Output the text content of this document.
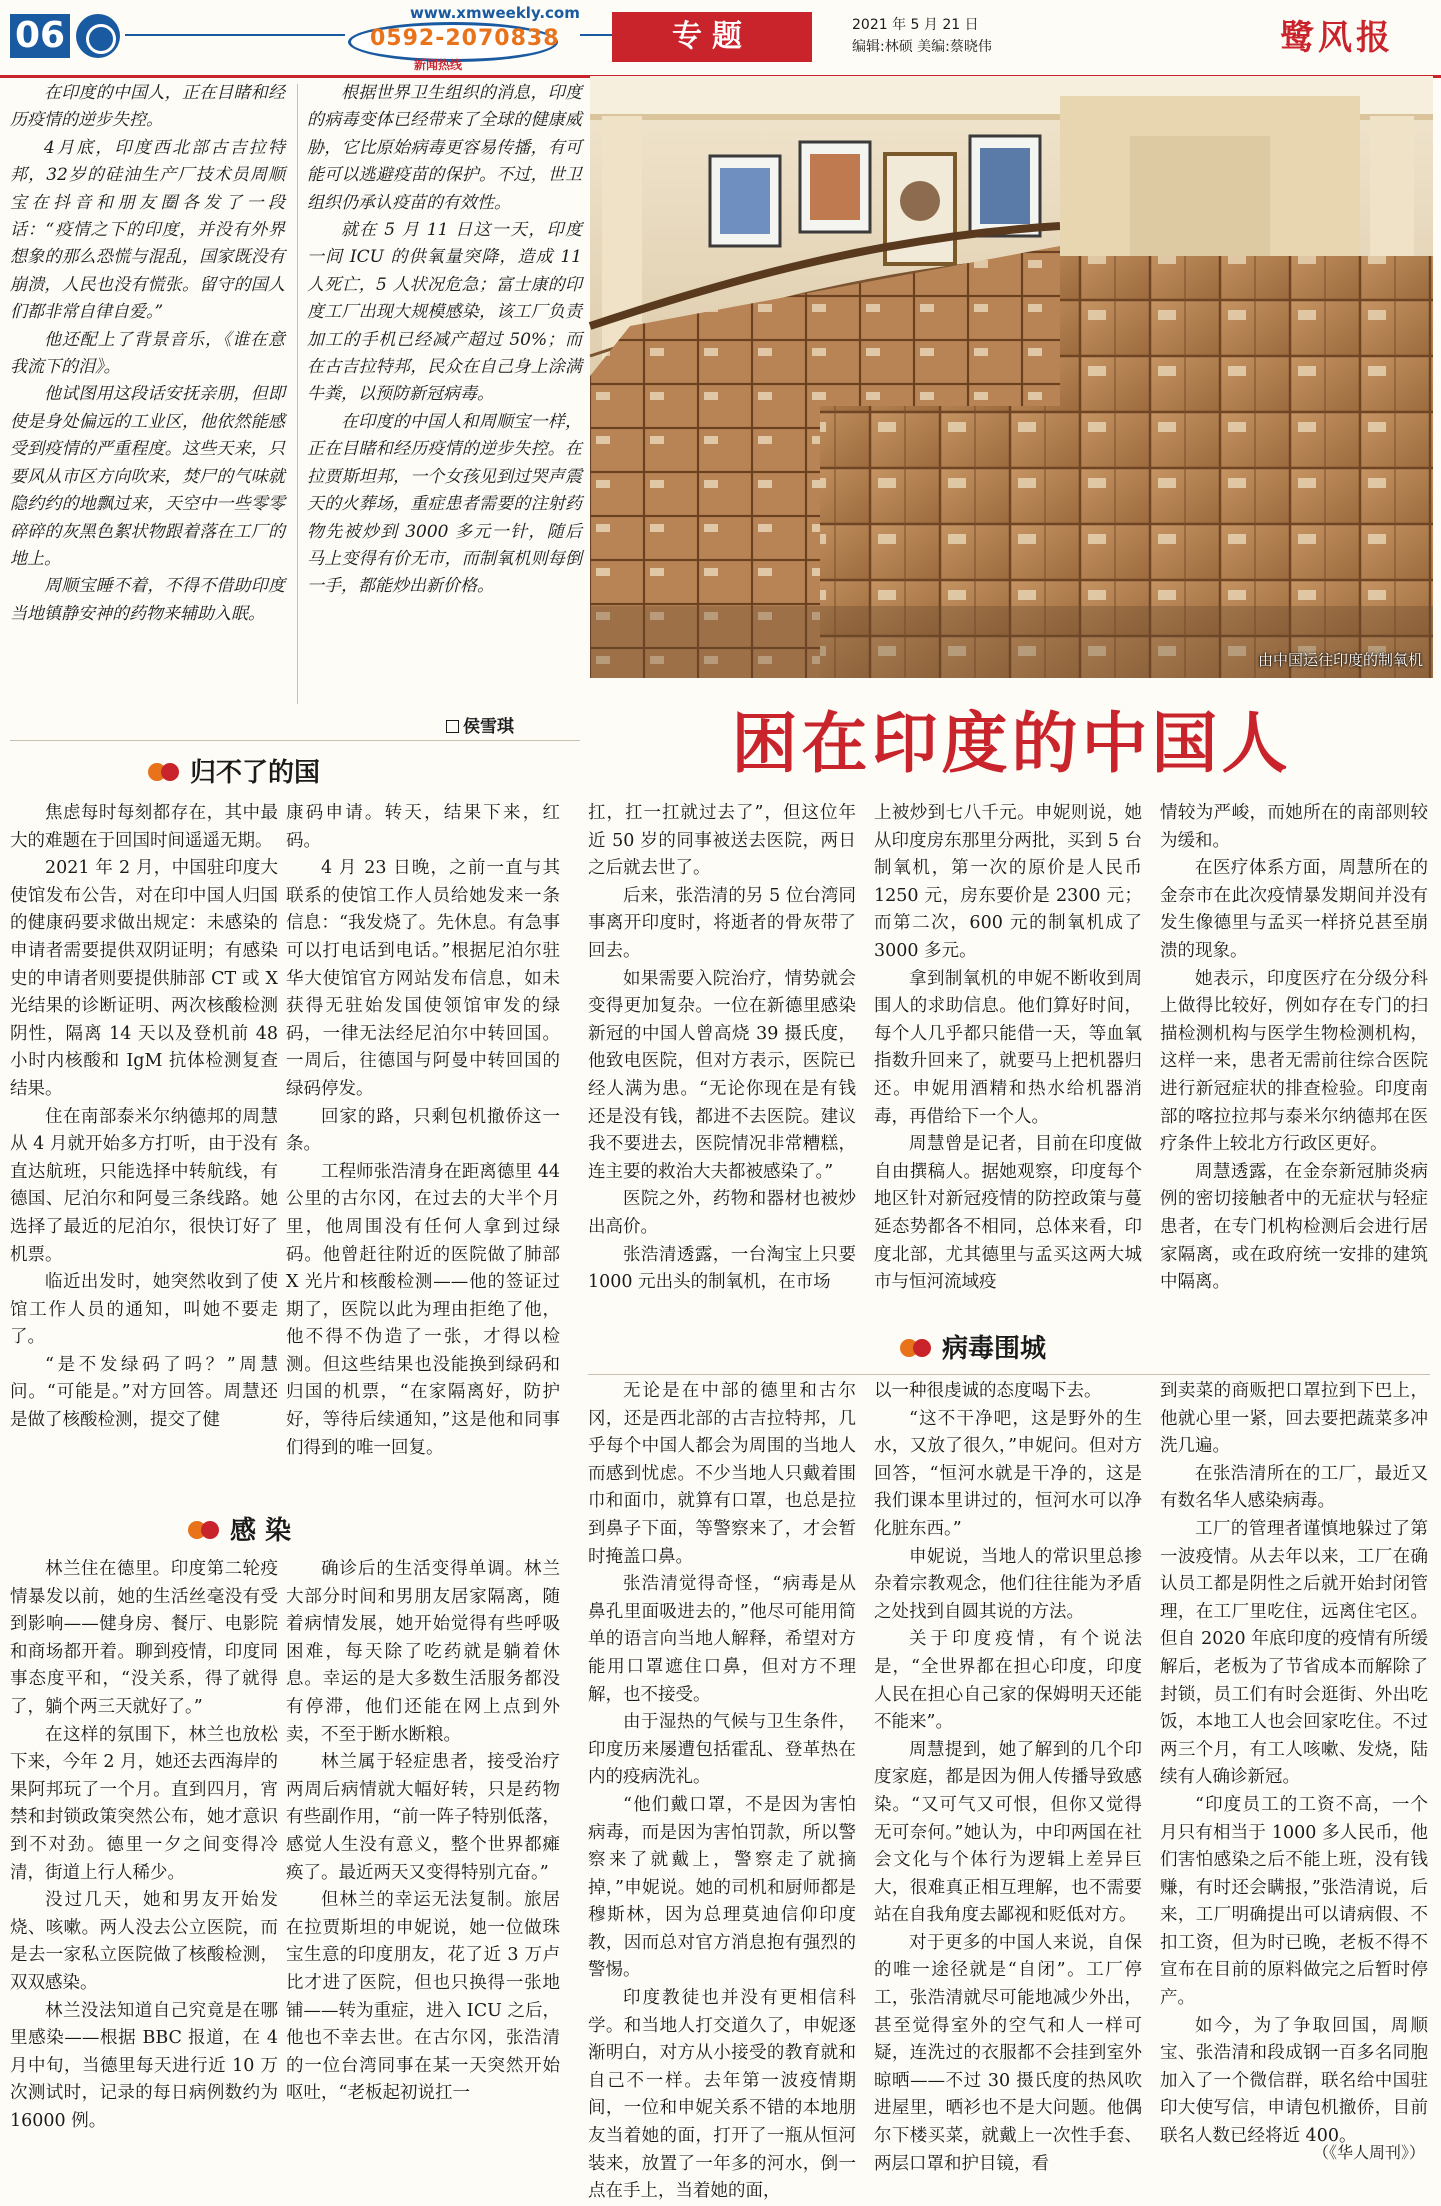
06
www.xmweekly.com
0592-2070838
新闻热线
专题	2021 年 5 月 21 日
编辑:林硕 美编:蔡晓伟	鹭风报

在印度的中国人，正在目睹和经历疫情的逆步失控。

4月底，印度西北部古吉拉特邦，32岁的硅油生产厂技术员周顺宝在抖音和朋友圈各发了一段话：“疫情之下的印度，并没有外界想象的那么恐慌与混乱，国家既没有崩溃，人民也没有慌张。留守的国人们都非常自律自爱。”

他还配上了背景音乐，《谁在意我流下的泪》。

他试图用这段话安抚亲朋，但即使是身处偏远的工业区，他依然能感受到疫情的严重程度。这些天来，只要风从市区方向吹来，焚尸的气味就隐约约的地飘过来，天空中一些零零碎碎的灰黑色絮状物跟着落在工厂的地上。

周顺宝睡不着，不得不借助印度当地镇静安神的药物来辅助入眠。

根据世界卫生组织的消息，印度的病毒变体已经带来了全球的健康威胁，它比原始病毒更容易传播，有可能可以逃避疫苗的保护。不过，世卫组织仍承认疫苗的有效性。

就在 5 月 11 日这一天，印度一间 ICU 的供氧量突降，造成 11 人死亡，5 人状况危急；富士康的印度工厂出现大规模感染，该工厂负责加工的手机已经减产超过 50%；而在古吉拉特邦，民众在自己身上涂满牛粪，以预防新冠病毒。

在印度的中国人和周顺宝一样，正在目睹和经历疫情的逆步失控。在拉贾斯坦邦，一个女孩见到过哭声震天的火葬场，重症患者需要的注射药物先被炒到 3000 多元一针，随后马上变得有价无市，而制氧机则每倒一手，都能炒出新价格。

侯雪琪
由中国运往印度的制氧机
困在印度的中国人
归不了的国

焦虑每时每刻都存在，其中最大的难题在于回国时间遥遥无期。

2021 年 2 月，中国驻印度大使馆发布公告，对在印中国人归国的健康码要求做出规定：未感染的申请者需要提供双阴证明；有感染史的申请者则要提供肺部 CT 或 X 光结果的诊断证明、两次核酸检测阴性，隔离 14 天以及登机前 48 小时内核酸和 IgM 抗体检测复查结果。

住在南部泰米尔纳德邦的周慧从 4 月就开始多方打听，由于没有直达航班，只能选择中转航线，有德国、尼泊尔和阿曼三条线路。她选择了最近的尼泊尔，很快订好了机票。

临近出发时，她突然收到了使馆工作人员的通知，叫她不要走了。

“是不发绿码了吗？”周慧问。“可能是。”对方回答。周慧还是做了核酸检测，提交了健

康码申请。转天，结果下来，红码。

4 月 23 日晚，之前一直与其联系的使馆工作人员给她发来一条信息：“我发烧了。先休息。有急事可以打电话到电话。”根据尼泊尔驻华大使馆官方网站发布信息，如未获得无驻始发国使领馆审发的绿码，一律无法经尼泊尔中转回国。一周后，往德国与阿曼中转回国的绿码停发。

回家的路，只剩包机撤侨这一条。

工程师张浩清身在距离德里 44 公里的古尔冈，在过去的大半个月里，他周围没有任何人拿到过绿码。他曾赶往附近的医院做了肺部 X 光片和核酸检测——他的签证过期了，医院以此为理由拒绝了他，他不得不伪造了一张，才得以检测。但这些结果也没能换到绿码和归国的机票，“在家隔离好，防护好，等待后续通知，”这是他和同事们得到的唯一回复。

感 染

林兰住在德里。印度第二轮疫情暴发以前，她的生活丝毫没有受到影响——健身房、餐厅、电影院和商场都开着。聊到疫情，印度同事态度平和，“没关系，得了就得了，躺个两三天就好了。”

在这样的氛围下，林兰也放松下来，今年 2 月，她还去西海岸的果阿邦玩了一个月。直到四月，宵禁和封锁政策突然公布，她才意识到不对劲。德里一夕之间变得冷清，街道上行人稀少。

没过几天，她和男友开始发烧、咳嗽。两人没去公立医院，而是去一家私立医院做了核酸检测，双双感染。

林兰没法知道自己究竟是在哪里感染——根据 BBC 报道，在 4 月中旬，当德里每天进行近 10 万次测试时，记录的每日病例数约为 16000 例。

确诊后的生活变得单调。林兰大部分时间和男朋友居家隔离，随着病情发展，她开始觉得有些呼吸困难，每天除了吃药就是躺着休息。幸运的是大多数生活服务都没有停滞，他们还能在网上点到外卖，不至于断水断粮。

林兰属于轻症患者，接受治疗两周后病情就大幅好转，只是药物有些副作用，“前一阵子特别低落，感觉人生没有意义，整个世界都瘫痪了。最近两天又变得特别亢奋。”

但林兰的幸运无法复制。旅居在拉贾斯坦的申妮说，她一位做珠宝生意的印度朋友，花了近 3 万卢比才进了医院，但也只换得一张地铺——转为重症，进入 ICU 之后，他也不幸去世。在古尔冈，张浩清的一位台湾同事在某一天突然开始呕吐，“老板起初说扛一

扛，扛一扛就过去了”，但这位年近 50 岁的同事被送去医院，两日之后就去世了。

后来，张浩清的另 5 位台湾同事离开印度时，将逝者的骨灰带了回去。

如果需要入院治疗，情势就会变得更加复杂。一位在新德里感染新冠的中国人曾高烧 39 摄氏度，他致电医院，但对方表示，医院已经人满为患。“无论你现在是有钱还是没有钱，都进不去医院。建议我不要进去，医院情况非常糟糕，连主要的救治大夫都被感染了。”

医院之外，药物和器材也被炒出高价。

张浩清透露，一台淘宝上只要 1000 元出头的制氧机，在市场

上被炒到七八千元。申妮则说，她从印度房东那里分两批，买到 5 台制氧机，第一次的原价是人民币 1250 元，房东要价是 2300 元；而第二次，600 元的制氧机成了 3000 多元。

拿到制氧机的申妮不断收到周围人的求助信息。他们算好时间，每个人几乎都只能借一天，等血氧指数升回来了，就要马上把机器归还。申妮用酒精和热水给机器消毒，再借给下一个人。

周慧曾是记者，目前在印度做自由撰稿人。据她观察，印度每个地区针对新冠疫情的防控政策与蔓延态势都各不相同，总体来看，印度北部，尤其德里与孟买这两大城市与恒河流域疫

情较为严峻，而她所在的南部则较为缓和。

在医疗体系方面，周慧所在的金奈市在此次疫情暴发期间并没有发生像德里与孟买一样挤兑甚至崩溃的现象。

她表示，印度医疗在分级分科上做得比较好，例如存在专门的扫描检测机构与医学生物检测机构，这样一来，患者无需前往综合医院进行新冠症状的排查检验。印度南部的喀拉拉邦与泰米尔纳德邦在医疗条件上较北方行政区更好。

周慧透露，在金奈新冠肺炎病例的密切接触者中的无症状与轻症患者，在专门机构检测后会进行居家隔离，或在政府统一安排的建筑中隔离。

病毒围城

无论是在中部的德里和古尔冈，还是西北部的古吉拉特邦，几乎每个中国人都会为周围的当地人而感到忧虑。不少当地人只戴着围巾和面巾，就算有口罩，也总是拉到鼻子下面，等警察来了，才会暂时掩盖口鼻。

张浩清觉得奇怪，“病毒是从鼻孔里面吸进去的，”他尽可能用简单的语言向当地人解释，希望对方能用口罩遮住口鼻，但对方不理解，也不接受。

由于湿热的气候与卫生条件，印度历来屡遭包括霍乱、登革热在内的疫病洗礼。

“他们戴口罩，不是因为害怕病毒，而是因为害怕罚款，所以警察来了就戴上，警察走了就摘掉，”申妮说。她的司机和厨师都是穆斯林，因为总理莫迪信仰印度教，因而总对官方消息抱有强烈的警惕。

印度教徒也并没有更相信科学。和当地人打交道久了，申妮逐渐明白，对方从小接受的教育就和自己不一样。去年第一波疫情期间，一位和申妮关系不错的本地朋友当着她的面，打开了一瓶从恒河装来，放置了一年多的河水，倒一点在手上，当着她的面，

以一种很虔诚的态度喝下去。

“这不干净吧，这是野外的生水，又放了很久，”申妮问。但对方回答，“恒河水就是干净的，这是我们课本里讲过的，恒河水可以净化脏东西。”

申妮说，当地人的常识里总掺杂着宗教观念，他们往往能为矛盾之处找到自圆其说的方法。

关于印度疫情，有个说法是，“全世界都在担心印度，印度人民在担心自己家的保姆明天还能不能来”。

周慧提到，她了解到的几个印度家庭，都是因为佣人传播导致感染。“又可气又可恨，但你又觉得无可奈何。”她认为，中印两国在社会文化与个体行为逻辑上差异巨大，很难真正相互理解，也不需要站在自我角度去鄙视和贬低对方。

对于更多的中国人来说，自保的唯一途径就是“自闭”。工厂停工，张浩清就尽可能地减少外出，甚至觉得室外的空气和人一样可疑，连洗过的衣服都不会挂到室外晾晒——不过 30 摄氏度的热风吹进屋里，晒衫也不是大问题。他偶尔下楼买菜，就戴上一次性手套、两层口罩和护目镜，看

到卖菜的商贩把口罩拉到下巴上，他就心里一紧，回去要把蔬菜多冲洗几遍。

在张浩清所在的工厂，最近又有数名华人感染病毒。

工厂的管理者谨慎地躲过了第一波疫情。从去年以来，工厂在确认员工都是阴性之后就开始封闭管理，在工厂里吃住，远离住宅区。但自 2020 年底印度的疫情有所缓解后，老板为了节省成本而解除了封锁，员工们有时会逛街、外出吃饭，本地工人也会回家吃住。不过两三个月，有工人咳嗽、发烧，陆续有人确诊新冠。

“印度员工的工资不高，一个月只有相当于 1000 多人民币，他们害怕感染之后不能上班，没有钱赚，有时还会瞒报，”张浩清说，后来，工厂明确提出可以请病假、不扣工资，但为时已晚，老板不得不宣布在目前的原料做完之后暂时停产。

如今，为了争取回国，周顺宝、张浩清和段成钢一百多名同胞加入了一个微信群，联名给中国驻印大使写信，申请包机撤侨，目前联名人数已经将近 400。

（《华人周刊》）
